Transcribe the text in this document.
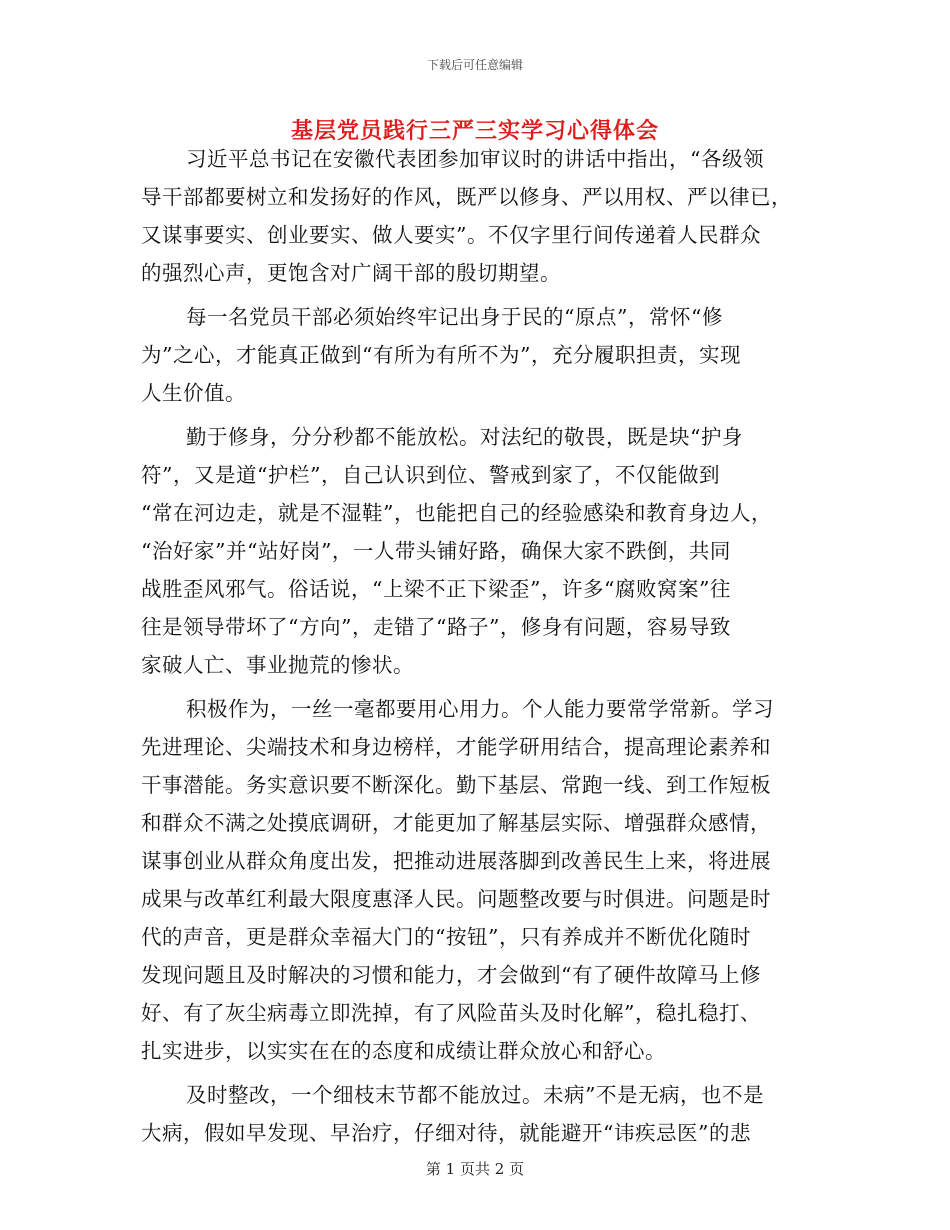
下载后可任意编辑
基层党员践行三严三实学习心得体会
习近平总书记在安徽代表团参加审议时的讲话中指出，“各级领
导干部都要树立和发扬好的作风，既严以修身、严以用权、严以律已，
又谋事要实、创业要实、做人要实”。不仅字里行间传递着人民群众
的强烈心声，更饱含对广阔干部的殷切期望。
每一名党员干部必须始终牢记出身于民的“原点”，常怀“修
为”之心，才能真正做到“有所为有所不为”，充分履职担责，实现
人生价值。
勤于修身，分分秒都不能放松。对法纪的敬畏，既是块“护身
符”，又是道“护栏”，自己认识到位、警戒到家了，不仅能做到
“常在河边走，就是不湿鞋”，也能把自己的经验感染和教育身边人，
“治好家”并“站好岗”，一人带头铺好路，确保大家不跌倒，共同
战胜歪风邪气。俗话说，“上梁不正下梁歪”，许多“腐败窝案”往
往是领导带坏了“方向”，走错了“路子”，修身有问题，容易导致
家破人亡、事业抛荒的惨状。
积极作为，一丝一毫都要用心用力。个人能力要常学常新。学习
先进理论、尖端技术和身边榜样，才能学研用结合，提高理论素养和
干事潜能。务实意识要不断深化。勤下基层、常跑一线、到工作短板
和群众不满之处摸底调研，才能更加了解基层实际、增强群众感情，
谋事创业从群众角度出发，把推动进展落脚到改善民生上来，将进展
成果与改革红利最大限度惠泽人民。问题整改要与时俱进。问题是时
代的声音，更是群众幸福大门的“按钮”，只有养成并不断优化随时
发现问题且及时解决的习惯和能力，才会做到“有了硬件故障马上修
好、有了灰尘病毒立即洗掉，有了风险苗头及时化解”，稳扎稳打、
扎实进步，以实实在在的态度和成绩让群众放心和舒心。
及时整改，一个细枝末节都不能放过。未病”不是无病，也不是
大病，假如早发现、早治疗，仔细对待，就能避开“讳疾忌医”的悲
第 1 页共 2 页
